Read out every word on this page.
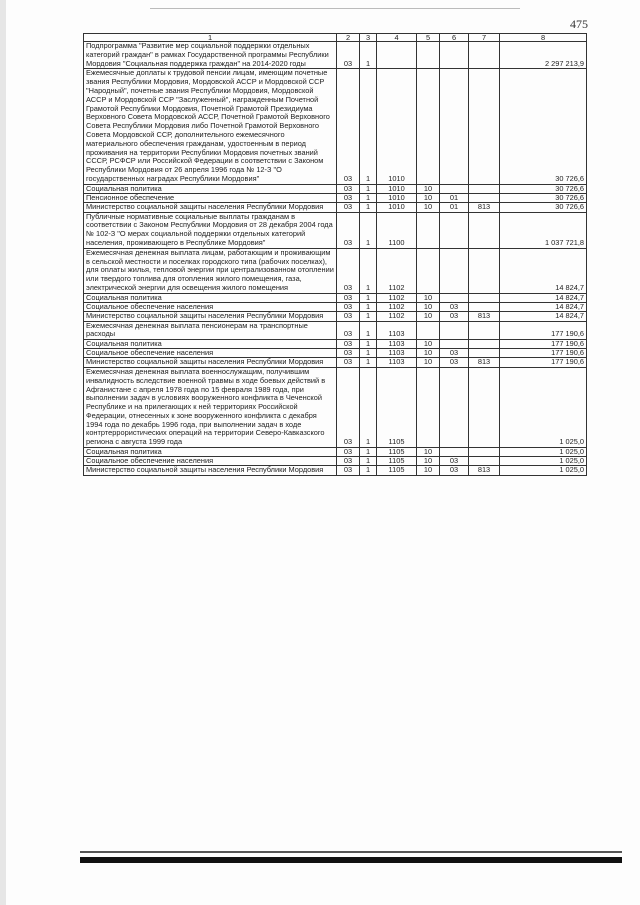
475
1	2	3	4	5	6	7	8
Подпрограмма "Развитие мер социальной поддержки отдельных категорий граждан" в рамках Государственной программы Республики Мордовия "Социальная поддержка граждан" на 2014-2020 годы	03	1					2 297 213,9
Ежемесячные доплаты к трудовой пенсии лицам, имеющим почетные звания Республики Мордовия, Мордовской АССР и Мордовской ССР "Народный", почетные звания Республики Мордовия, Мордовской АССР и Мордовской ССР "Заслуженный", награжденным Почетной Грамотой Республики Мордовия, Почетной Грамотой Президиума Верховного Совета Мордовской АССР, Почетной Грамотой Верховного Совета Республики Мордовия либо Почетной Грамотой Верховного Совета Мордовской ССР, дополнительного ежемесячного материального обеспечения гражданам, удостоенным в период проживания на территории Республики Мордовия почетных званий СССР, РСФСР или Российской Федерации в соответствии с Законом Республики Мордовия от 26 апреля 1996 года № 12-З "О государственных наградах Республики Мордовия"	03	1	1010				30 726,6
Социальная политика	03	1	1010	10			30 726,6
Пенсионное обеспечение	03	1	1010	10	01		30 726,6
Министерство социальной защиты населения Республики Мордовия	03	1	1010	10	01	813	30 726,6
Публичные нормативные социальные выплаты гражданам в соответствии с Законом Республики Мордовия от 28 декабря 2004 года № 102-З "О мерах социальной поддержки отдельных категорий населения, проживающего в Республике Мордовия"	03	1	1100				1 037 721,8
Ежемесячная денежная выплата лицам, работающим и проживающим в сельской местности и поселках городского типа (рабочих поселках), для оплаты жилья, тепловой энергии при централизованном отоплении или твердого топлива для отопления жилого помещения, газа, электрической энергии для освещения жилого помещения	03	1	1102				14 824,7
Социальная политика	03	1	1102	10			14 824,7
Социальное обеспечение населения	03	1	1102	10	03		14 824,7
Министерство социальной защиты населения Республики Мордовия	03	1	1102	10	03	813	14 824,7
Ежемесячная денежная выплата пенсионерам на транспортные расходы	03	1	1103				177 190,6
Социальная политика	03	1	1103	10			177 190,6
Социальное обеспечение населения	03	1	1103	10	03		177 190,6
Министерство социальной защиты населения Республики Мордовия	03	1	1103	10	03	813	177 190,6
Ежемесячная денежная выплата военнослужащим, получившим инвалидность вследствие военной травмы в ходе боевых действий в Афганистане с апреля 1978 года по 15 февраля 1989 года, при выполнении задач в условиях вооруженного конфликта в Чеченской Республике и на прилегающих к ней территориях Российской Федерации, отнесенных к зоне вооруженного конфликта с декабря 1994 года по декабрь 1996 года, при выполнении задач в ходе контртеррористических операций на территории Северо-Кавказского региона с августа 1999 года	03	1	1105				1 025,0
Социальная политика	03	1	1105	10			1 025,0
Социальное обеспечение населения	03	1	1105	10	03		1 025,0
Министерство социальной защиты населения Республики Мордовия	03	1	1105	10	03	813	1 025,0
